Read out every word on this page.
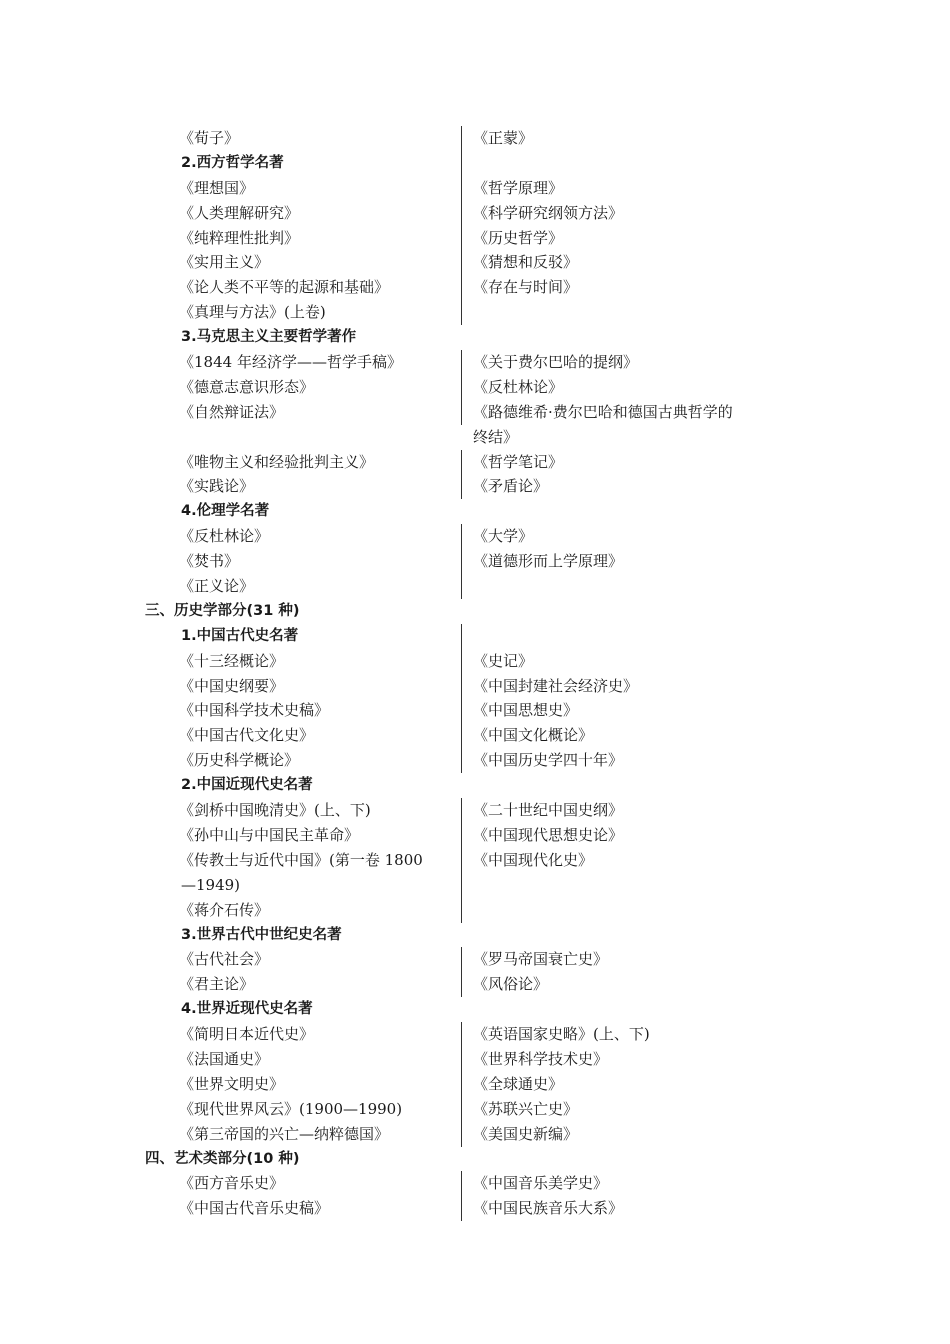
《荀子》	《正蒙》
2.西方哲学名著
《理想国》	《哲学原理》
《人类理解研究》	《科学研究纲领方法》
《纯粹理性批判》	《历史哲学》
《实用主义》	《猜想和反驳》
《论人类不平等的起源和基础》	《存在与时间》
《真理与方法》(上卷)
3.马克思主义主要哲学著作
《1844 年经济学——哲学手稿》	《关于费尔巴哈的提纲》
《德意志意识形态》	《反杜林论》
《自然辩证法》	《路德维希·费尔巴哈和德国古典哲学的
终结》
《唯物主义和经验批判主义》	《哲学笔记》
《实践论》	《矛盾论》
4.伦理学名著
《反杜林论》	《大学》
《焚书》	《道德形而上学原理》
《正义论》
三、历史学部分(31 种)
1.中国古代史名著
《十三经概论》	《史记》
《中国史纲要》	《中国封建社会经济史》
《中国科学技术史稿》	《中国思想史》
《中国古代文化史》	《中国文化概论》
《历史科学概论》	《中国历史学四十年》
2.中国近现代史名著
《剑桥中国晚清史》(上、下)	《二十世纪中国史纲》
《孙中山与中国民主革命》	《中国现代思想史论》
《传教士与近代中国》(第一卷 1800	《中国现代化史》
—1949)
《蒋介石传》
3.世界古代中世纪史名著
《古代社会》	《罗马帝国衰亡史》
《君主论》	《风俗论》
4.世界近现代史名著
《简明日本近代史》	《英语国家史略》(上、下)
《法国通史》	《世界科学技术史》
《世界文明史》	《全球通史》
《现代世界风云》(1900—1990)	《苏联兴亡史》
《第三帝国的兴亡—纳粹德国》	《美国史新编》
四、艺术类部分(10 种)
《西方音乐史》	《中国音乐美学史》
《中国古代音乐史稿》	《中国民族音乐大系》
